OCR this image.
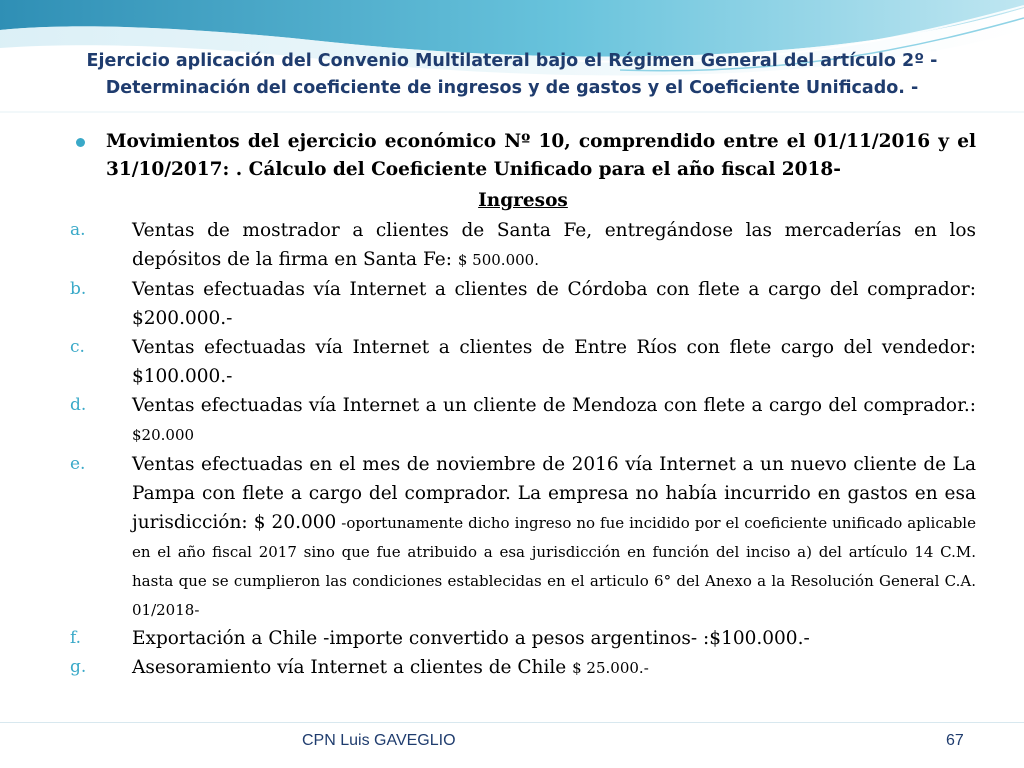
Ejercicio aplicación del Convenio Multilateral bajo el Régimen General del artículo 2º -
Determinación del coeficiente de ingresos y de gastos y el Coeficiente Unificado. -
Movimientos del ejercicio económico Nº 10, comprendido entre el 01/11/2016 y el 31/10/2017: . Cálculo del Coeficiente Unificado para el año fiscal 2018-
Ingresos
a.	Ventas de mostrador a clientes de Santa Fe, entregándose las mercaderías en los depósitos de la firma en Santa Fe: $ 500.000.
b. Ventas efectuadas vía Internet a clientes de Córdoba con flete a cargo del comprador: $200.000.-
c.	Ventas efectuadas vía Internet a clientes de Entre Ríos con flete cargo del vendedor: $100.000.-
d. Ventas efectuadas vía Internet a un cliente de Mendoza con flete a cargo del comprador.: $20.000
e.	Ventas efectuadas en el mes de noviembre de 2016 vía Internet a un nuevo cliente de La Pampa con flete a cargo del comprador. La empresa no había incurrido en gastos en esa jurisdicción: $ 20.000 -oportunamente dicho ingreso no fue incidido por el coeficiente unificado aplicable en el año fiscal 2017 sino que fue atribuido a esa jurisdicción en función del inciso a) del artículo 14 C.M. hasta que se cumplieron las condiciones establecidas en el articulo 6° del Anexo a la Resolución General C.A. 01/2018-
f.	Exportación a Chile -importe convertido a pesos argentinos- :$100.000.-
g. Asesoramiento vía Internet a clientes de Chile $ 25.000.-
CPN Luis GAVEGLIO	67
